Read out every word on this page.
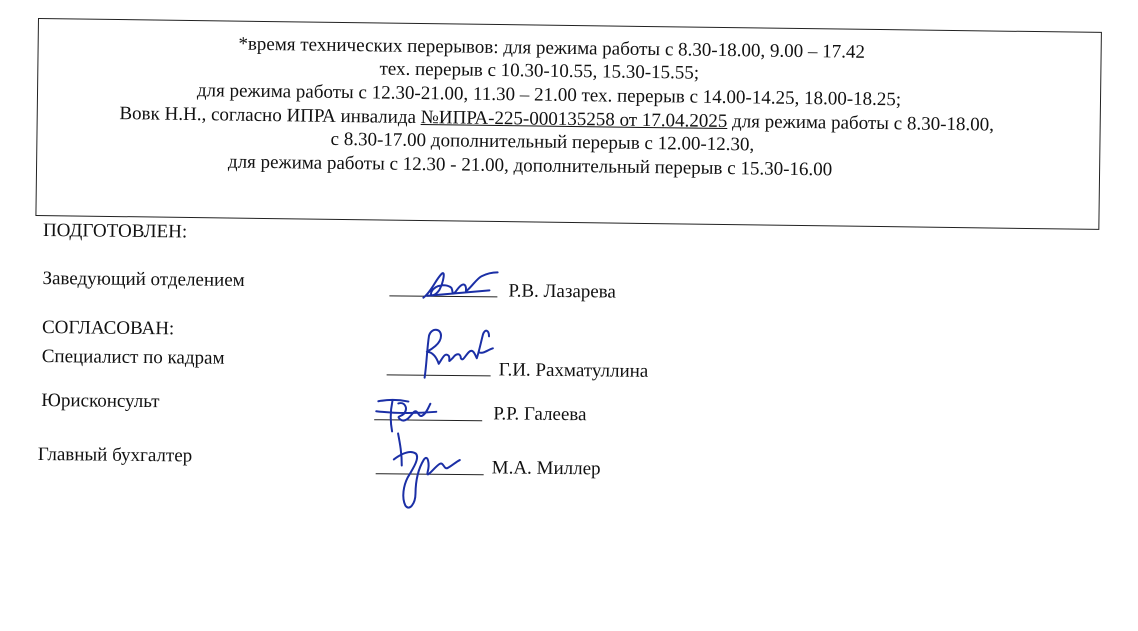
*время технических перерывов: для режима работы с 8.30-18.00, 9.00 – 17.42
тех. перерыв с 10.30-10.55, 15.30-15.55;
для режима работы с 12.30-21.00, 11.30 – 21.00 тех. перерыв с 14.00-14.25, 18.00-18.25;
Вовк Н.Н., согласно ИПРА инвалида №ИПРА-225-000135258 от 17.04.2025 для режима работы с 8.30-18.00,
с 8.30-17.00 дополнительный перерыв с 12.00-12.30,
для режима работы с 12.30 - 21.00, дополнительный перерыв с 15.30-16.00
ПОДГОТОВЛЕН:
Заведующий отделением
Р.В. Лазарева
СОГЛАСОВАН:
Специалист по кадрам
Г.И. Рахматуллина
Юрисконсульт
Р.Р. Галеева
Главный бухгалтер
М.А. Миллер
